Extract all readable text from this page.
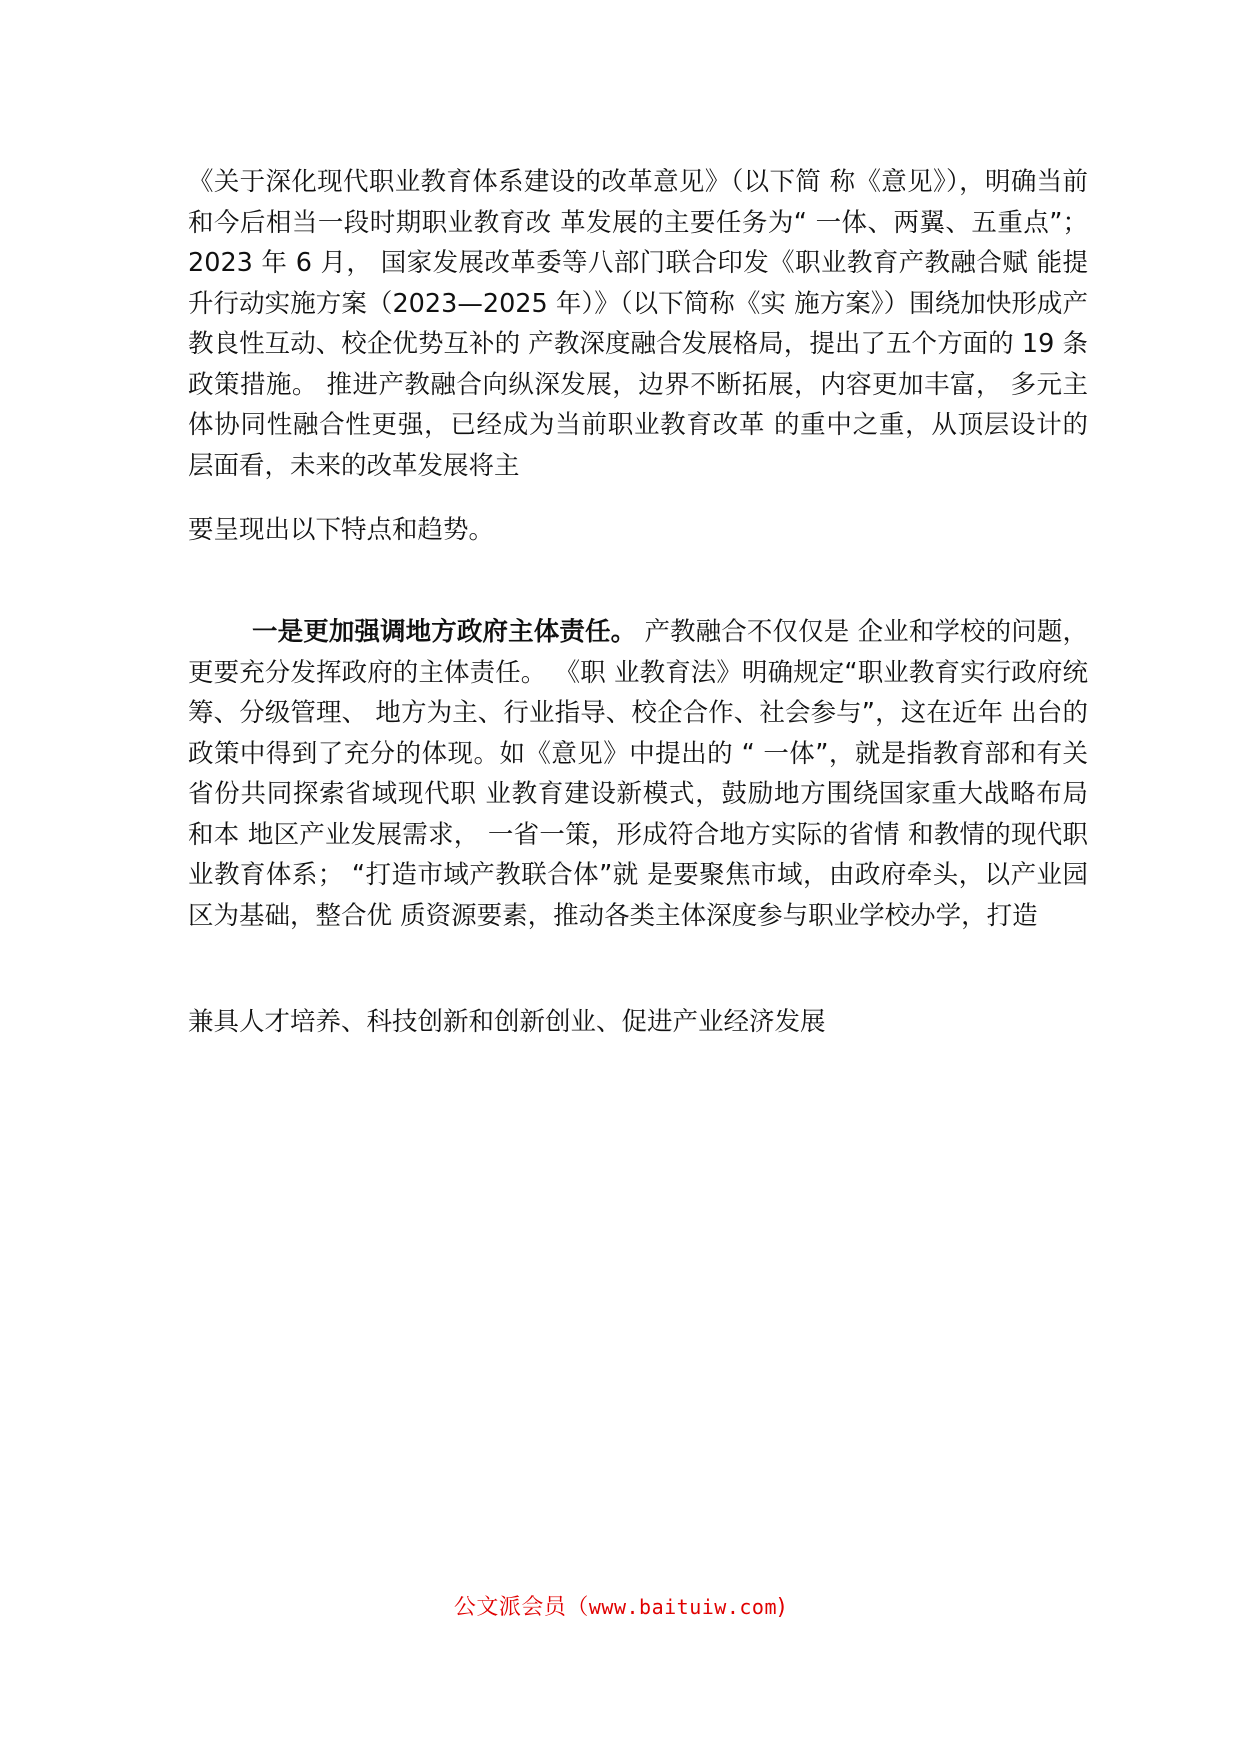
《关于深化现代职业教育体系建设的改革意见》（以下简 称《意见》），明确当前和今后相当一段时期职业教育改 革发展的主要任务为“ 一体、两翼、五重点”；2023 年 6 月， 国家发展改革委等八部门联合印发《职业教育产教融合赋 能提升行动实施方案（2023—2025 年）》（以下简称《实 施方案》）围绕加快形成产教良性互动、校企优势互补的 产教深度融合发展格局，提出了五个方面的 19 条政策措施。 推进产教融合向纵深发展，边界不断拓展，内容更加丰富， 多元主体协同性融合性更强，已经成为当前职业教育改革 的重中之重，从顶层设计的层面看，未来的改革发展将主

要呈现出以下特点和趋势。

一是更加强调地方政府主体责任。 产教融合不仅仅是 企业和学校的问题，更要充分发挥政府的主体责任。 《职 业教育法》明确规定“职业教育实行政府统筹、分级管理、 地方为主、行业指导、校企合作、社会参与”，这在近年 出台的政策中得到了充分的体现。如《意见》中提出的 “ 一体”，就是指教育部和有关省份共同探索省域现代职 业教育建设新模式，鼓励地方围绕国家重大战略布局和本 地区产业发展需求， 一省一策，形成符合地方实际的省情 和教情的现代职业教育体系； “打造市域产教联合体”就 是要聚焦市域，由政府牵头，以产业园区为基础，整合优 质资源要素，推动各类主体深度参与职业学校办学，打造

兼具人才培养、科技创新和创新创业、促进产业经济发展

公文派会员（www.baituiw.com)
